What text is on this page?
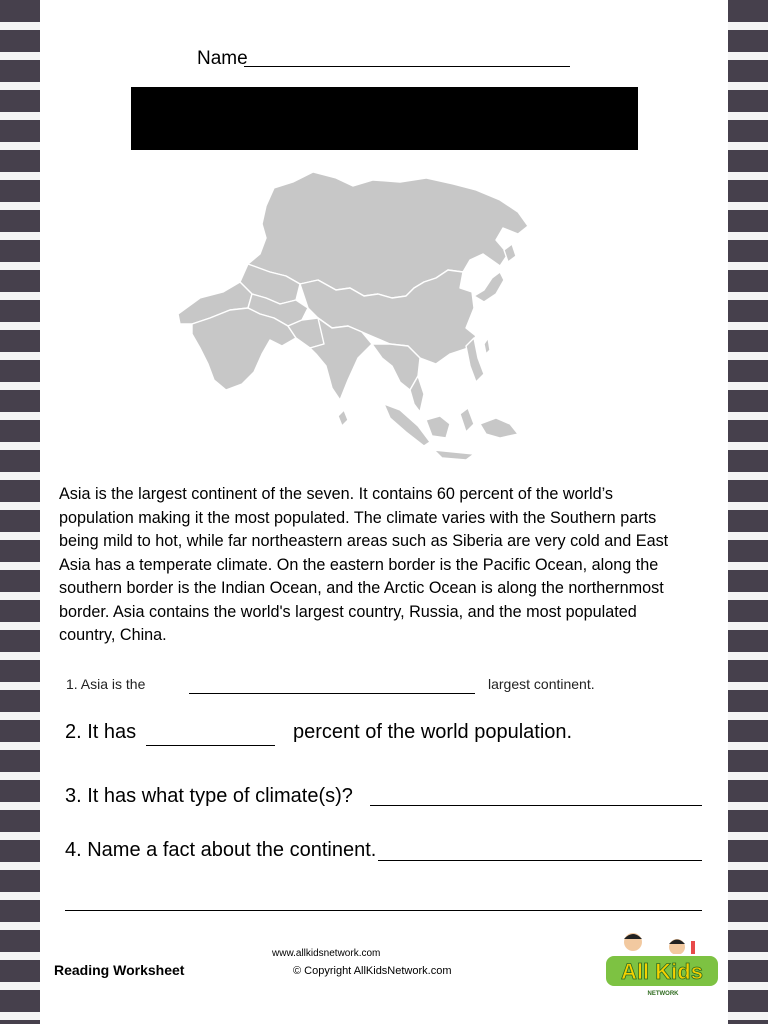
Name

Asia is the largest continent of the seven. It contains 60 percent of the world’s population making it the most populated. The climate varies with the Southern parts being mild to hot, while far northeastern areas such as Siberia are very cold and East Asia has a temperate climate. On the eastern border is the Pacific Ocean, along the southern border is the Indian Ocean, and the Arctic Ocean is along the northernmost border. Asia contains the world's largest country, Russia, and the most populated country, China.

1. Asia is the	largest continent.
2. It has	percent of the world population.
3. It has what type of climate(s)?
4. Name a fact about the continent.
Reading Worksheet
www.allkidsnetwork.com
© Copyright AllKidsNetwork.com	All Kids
NETWORK
